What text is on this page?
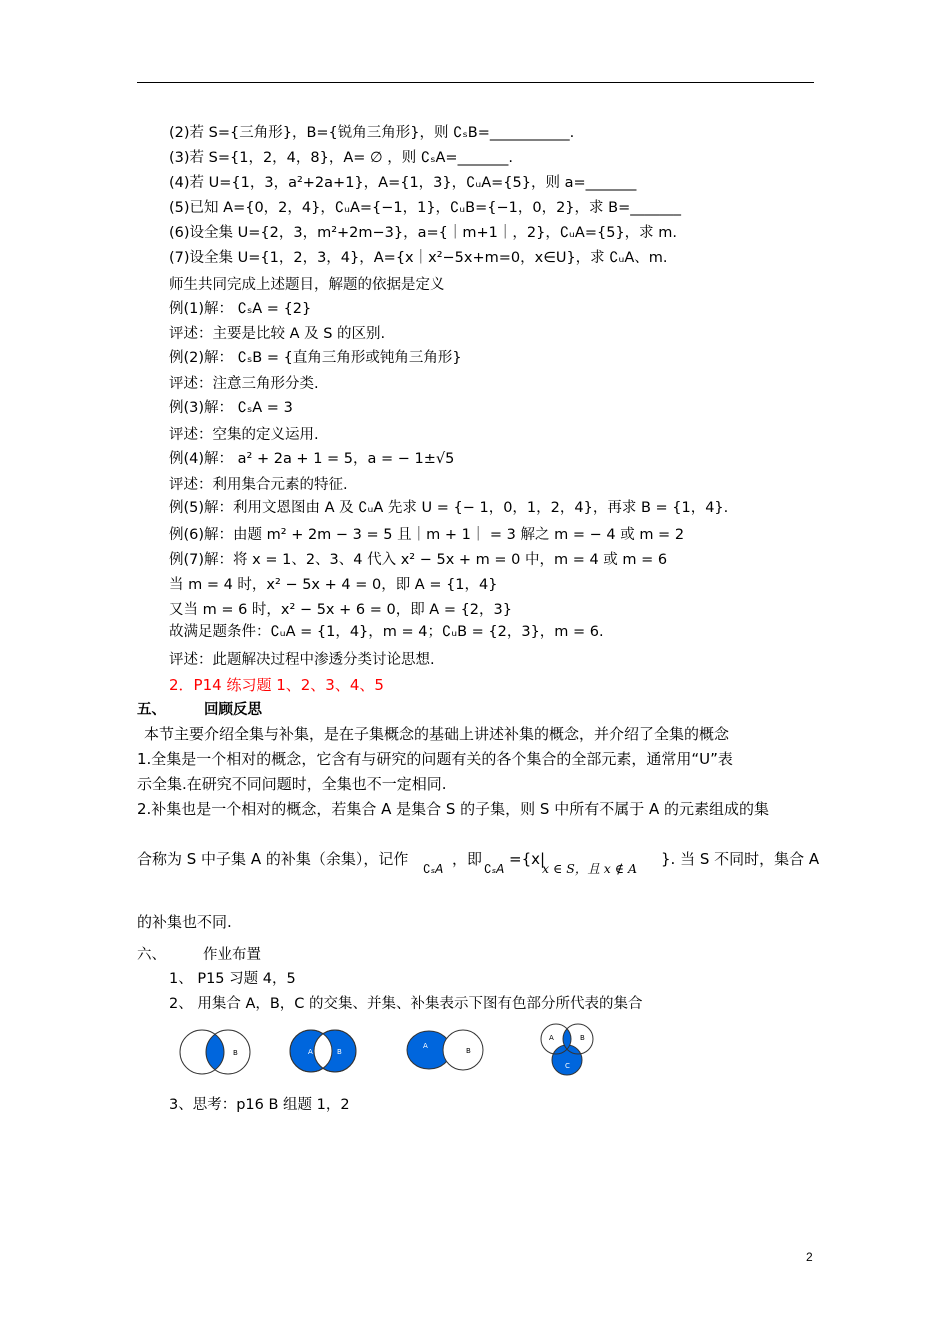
(2)若 S={三角形}，B={锐角三角形}，则 ∁ₛB=___________.
(3)若 S={1，2，4，8}，A= ∅ ，则 ∁ₛA=_______.
(4)若 U={1，3，a²+2a+1}，A={1，3}，∁ᵤA={5}，则 a=_______
(5)已知 A={0，2，4}，∁ᵤA={−1，1}，∁ᵤB={−1，0，2}，求 B=_______
(6)设全集 U={2，3，m²+2m−3}，a={｜m+1｜，2}，∁ᵤA={5}，求 m.
(7)设全集 U={1，2，3，4}，A={x｜x²−5x+m=0，x∈U}，求 ∁ᵤA、m.
师生共同完成上述题目，解题的依据是定义
例(1)解： ∁ₛA = {2}
评述：主要是比较 A 及 S 的区别.
例(2)解： ∁ₛB = {直角三角形或钝角三角形}
评述：注意三角形分类.
例(3)解： ∁ₛA = 3
评述：空集的定义运用.
例(4)解： a² + 2a + 1 = 5，a = − 1±√5
评述：利用集合元素的特征.
例(5)解：利用文恩图由 A 及 ∁ᵤA 先求 U = {− 1，0，1，2，4}，再求 B = {1，4}.
例(6)解：由题 m² + 2m − 3 = 5 且｜m + 1｜ = 3 解之 m = − 4 或 m = 2
例(7)解：将 x = 1、2、3、4 代入 x² − 5x + m = 0 中，m = 4 或 m = 6
当 m = 4 时，x² − 5x + 4 = 0，即 A = {1，4}
又当 m = 6 时，x² − 5x + 6 = 0，即 A = {2，3}
故满足题条件：∁ᵤA = {1，4}，m = 4；∁ᵤB = {2，3}，m = 6.
评述：此题解决过程中渗透分类讨论思想.
2．P14 练习题 1、2、3、4、5
五、	回顾反思
本节主要介绍全集与补集，是在子集概念的基础上讲述补集的概念，并介绍了全集的概念
1.全集是一个相对的概念，它含有与研究的问题有关的各个集合的全部元素，通常用“U”表
示全集.在研究不同问题时，全集也不一定相同.
2.补集也是一个相对的概念，若集合 A 是集合 S 的子集，则 S 中所有不属于 A 的元素组成的集
合称为 S 中子集 A 的补集（余集），记作
∁ₛA
，即
∁ₛA
={x|
x ∈ S，且 x ∉ A
}. 当 S 不同时，集合 A
的补集也不同.
六、	作业布置
1、 P15 习题 4，5
2、 用集合 A，B，C 的交集、并集、补集表示下图有色部分所代表的集合
A	B	A	B
A
B
A	B
C
3、思考：p16 B 组题 1，2
2
